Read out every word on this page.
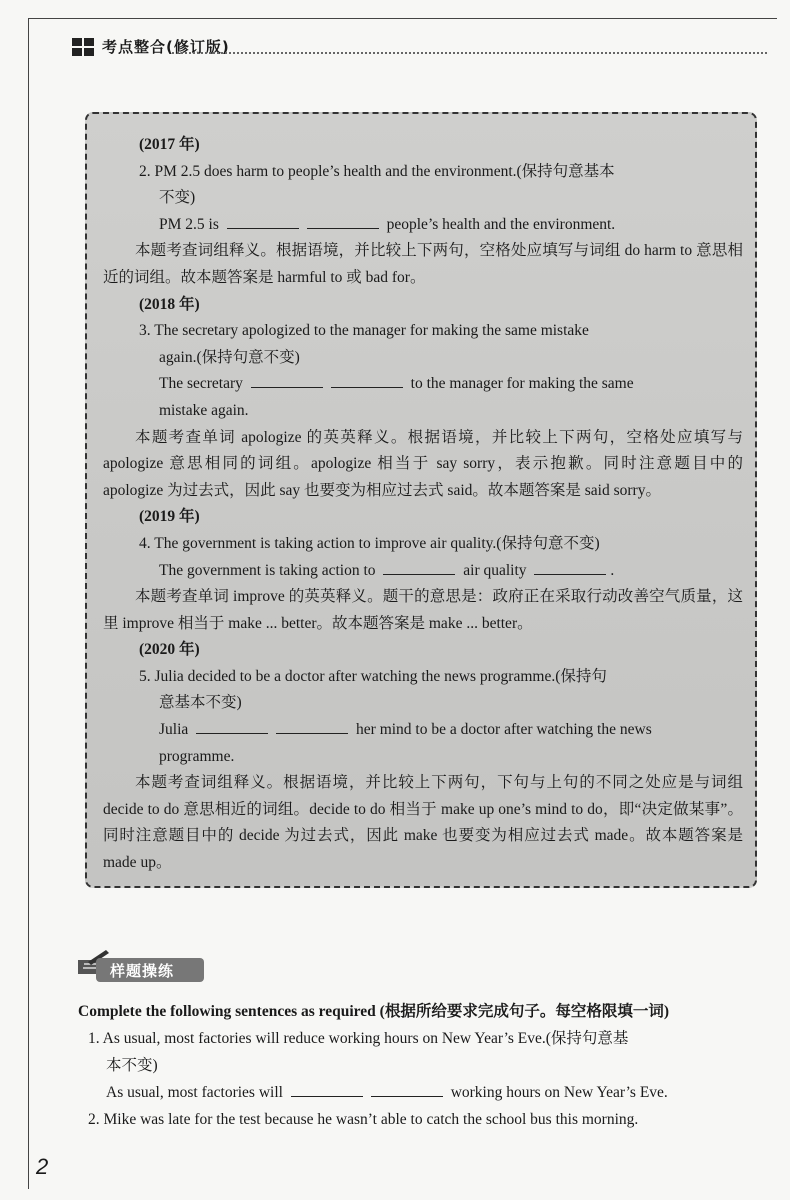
考点整合(修订版)

(2017 年)

2. PM 2.5 does harm to people’s health and the environment.(保持句意基本

不变)

PM 2.5 is	people’s health and the environment.

本题考查词组释义。根据语境，并比较上下两句，空格处应填写与词组 do harm to 意思相近的词组。故本题答案是 harmful to 或 bad for。

(2018 年)

3. The secretary apologized to the manager for making the same mistake

again.(保持句意不变)

The secretary	to the manager for making the same

mistake again.

本题考查单词 apologize 的英英释义。根据语境，并比较上下两句，空格处应填写与 apologize 意思相同的词组。apologize 相当于 say sorry，表示抱歉。同时注意题目中的 apologize 为过去式，因此 say 也要变为相应过去式 said。故本题答案是 said sorry。

(2019 年)

4. The government is taking action to improve air quality.(保持句意不变)

The government is taking action to	air quality	.

本题考查单词 improve 的英英释义。题干的意思是：政府正在采取行动改善空气质量，这里 improve 相当于 make ... better。故本题答案是 make ... better。

(2020 年)

5. Julia decided to be a doctor after watching the news programme.(保持句

意基本不变)

Julia	her mind to be a doctor after watching the news

programme.

本题考查词组释义。根据语境，并比较上下两句，下句与上句的不同之处应是与词组 decide to do 意思相近的词组。decide to do 相当于 make up one’s mind to do，即“决定做某事”。同时注意题目中的 decide 为过去式，因此 make 也要变为相应过去式 made。故本题答案是 made up。

样题操练

Complete the following sentences as required (根据所给要求完成句子。每空格限填一词)

1. As usual, most factories will reduce working hours on New Year’s Eve.(保持句意基

本不变)

As usual, most factories will	working hours on New Year’s Eve.

2. Mike was late for the test because he wasn’t able to catch the school bus this morning.

2
